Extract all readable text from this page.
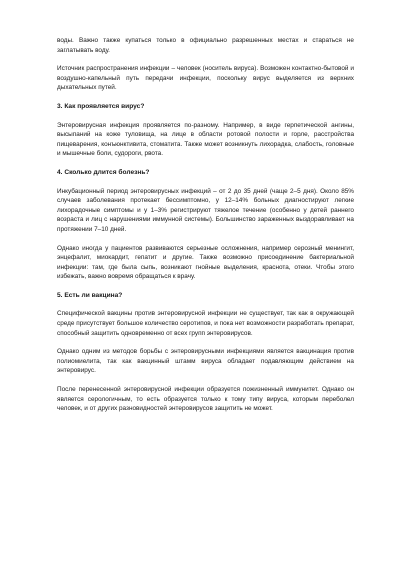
воды. Важно также купаться только в официально разрешенных местах и стараться не заглатывать воду.

Источник распространения инфекции – человек (носитель вируса). Возможен контактно-бытовой и воздушно-капельный путь передачи инфекции, поскольку вирус выделяется из верхних дыхательных путей.

3. Как проявляется вирус?

Энтеровирусная инфекция проявляется по-разному. Например, в виде герпетической ангины, высыпаний на коже туловища, на лице в области ротовой полости и горле, расстройства пищеварения, конъюнктивита, стоматита. Также может возникнуть лихорадка, слабость, головные и мышечные боли, судороги, рвота.

4. Сколько длится болезнь?

Инкубационный период энтеровирусных инфекций – от 2 до 35 дней (чаще 2–5 дня). Около 85% случаев заболевания протекает бессимптомно, у 12–14% больных диагностируют легкие лихорадочные симптомы и у 1–3% регистрируют тяжелое течение (особенно у детей раннего возраста и лиц с нарушениями иммунной системы). Большинство зараженных выздоравливает на протяжении 7–10 дней.

Однако иногда у пациентов развиваются серьезные осложнения, например серозный менингит, энцефалит, миокардит, гепатит и другие. Также возможно присоединение бактериальной инфекции: там, где была сыпь, возникают гнойные выделения, краснота, отеки. Чтобы этого избежать, важно вовремя обращаться к врачу.

5. Есть ли вакцина?

Специфической вакцины против энтеровирусной инфекции не существует, так как в окружающей среде присутствует большое количество серотипов, и пока нет возможности разработать препарат, способный защитить одновременно от всех групп энтеровирусов.

Однако одним из методов борьбы с энтеровирусными инфекциями является вакцинация против полиомиелита, так как вакцинный штамм вируса обладает подавляющим действием на энтеровирус.

После перенесенной энтеровирусной инфекции образуется пожизненный иммунитет. Однако он является серологичным, то есть образуется только к тому типу вируса, которым переболел человек, и от других разновидностей энтеровирусов защитить не может.
